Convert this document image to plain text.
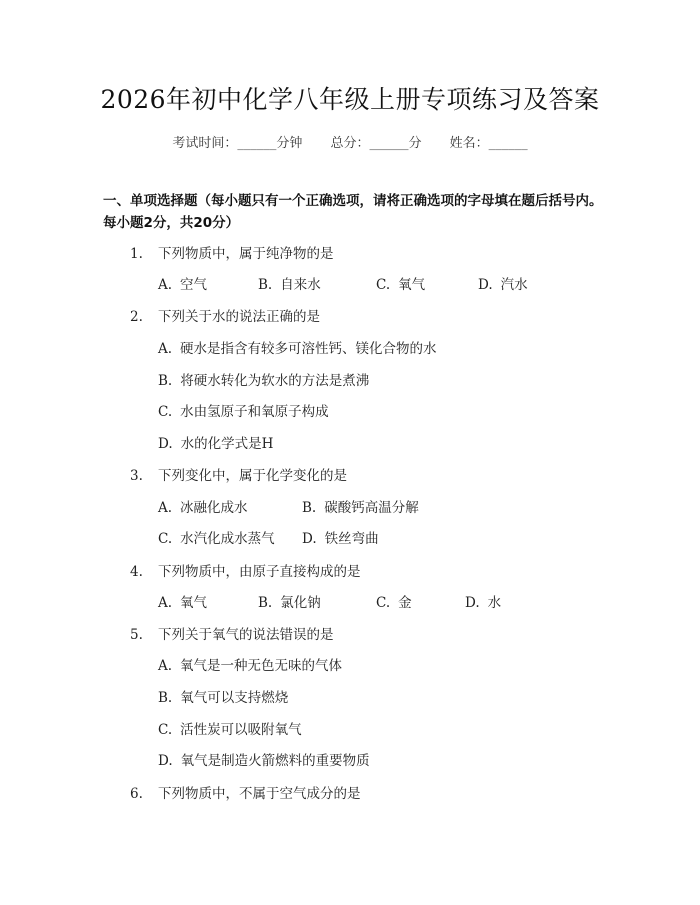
2026年初中化学八年级上册专项练习及答案
考试时间：______分钟 总分：______分 姓名：______
一、单项选择题（每小题只有一个正确选项，请将正确选项的字母填在题后括号内。每小题2分，共20分）
1. 下列物质中，属于纯净物的是
A. 空气	B. 自来水	C. 氧气	D. 汽水
2. 下列关于水的说法正确的是
A. 硬水是指含有较多可溶性钙、镁化合物的水
B. 将硬水转化为软水的方法是煮沸
C. 水由氢原子和氧原子构成
D. 水的化学式是H
3. 下列变化中，属于化学变化的是
A. 冰融化成水	B. 碳酸钙高温分解
C. 水汽化成水蒸气 D. 铁丝弯曲
4. 下列物质中，由原子直接构成的是
A. 氧气	B. 氯化钠	C. 金	D. 水
5. 下列关于氧气的说法错误的是
A. 氧气是一种无色无味的气体
B. 氧气可以支持燃烧
C. 活性炭可以吸附氧气
D. 氧气是制造火箭燃料的重要物质
6. 下列物质中，不属于空气成分的是
